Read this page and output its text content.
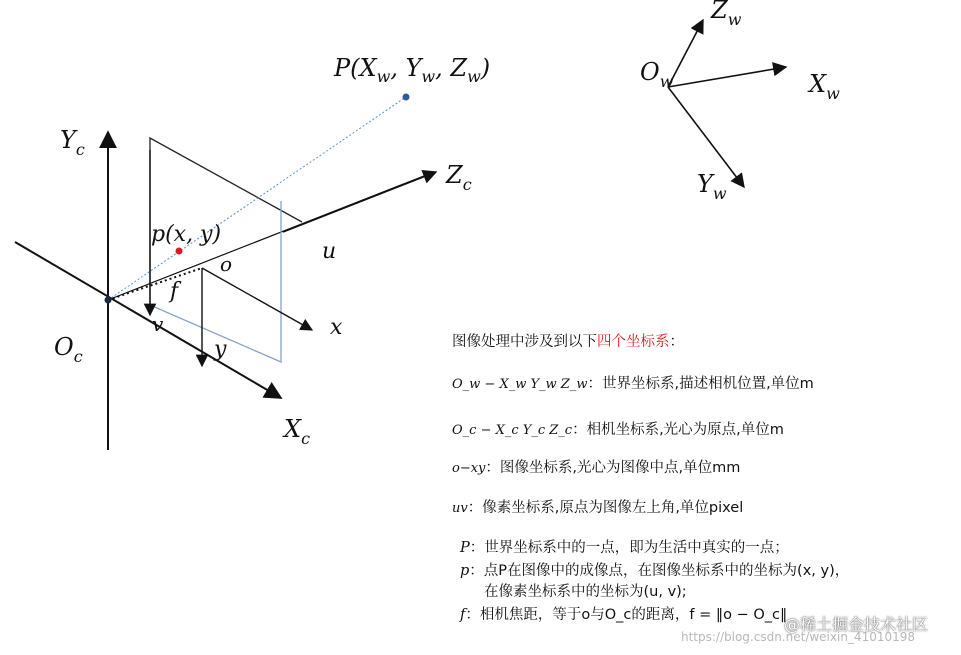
$P(X_w$, $Y_w$, $Z_w$)
$Y_c$
$Z_c$
$X_c$
$O_c$
p(x, y)
o
f
u
v	x
y
$O_w$
$Z_w$
$X_w$
$Y_w$
图像处理中涉及到以下四个坐标系：
O_w − X_w Y_w Z_w：世界坐标系,描述相机位置,单位m
O_c − X_c Y_c Z_c：相机坐标系,光心为原点,单位m
o−xy：图像坐标系,光心为图像中点,单位mm
uv：像素坐标系,原点为图像左上角,单位pixel
P：世界坐标系中的一点，即为生活中真实的一点；
p：点P在图像中的成像点，在图像坐标系中的坐标为(x, y)，
在像素坐标系中的坐标为(u, v);
f：相机焦距，等于o与O_c的距离，f = ‖o − O_c‖
https://blog.csdn.net/weixin_41010198
@稀土掘金技术社区
